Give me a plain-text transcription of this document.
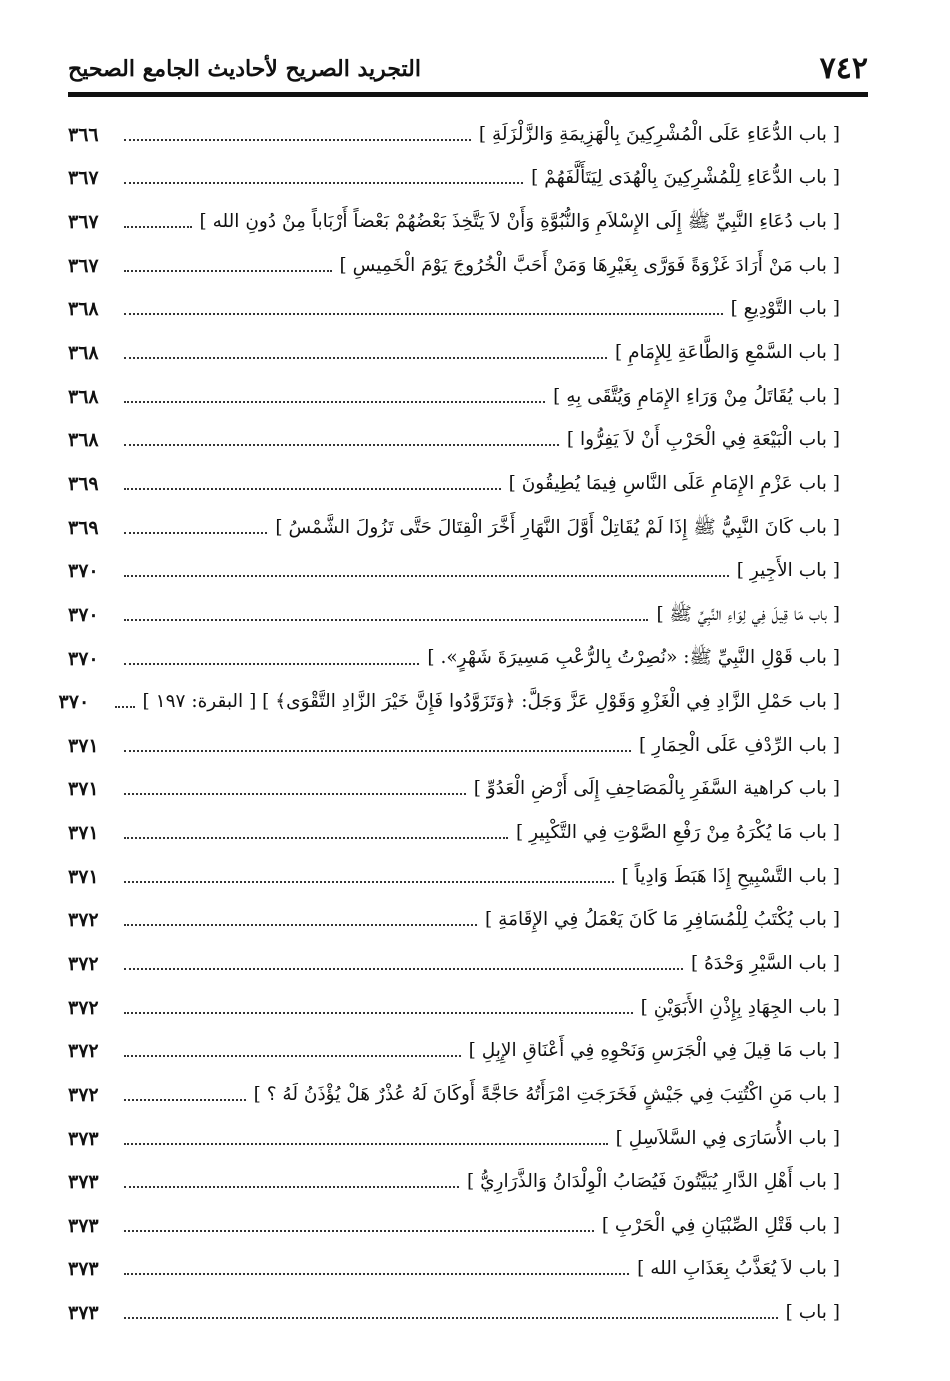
٧٤٢
التجريد الصريح لأحاديث الجامع الصحيح
[ باب الدُّعَاءِ عَلَى الْمُشْرِكِينَ بِالْهَزِيمَةِ وَالزَّلْزَلَةِ ]
٣٦٦
[ باب الدُّعَاءِ لِلْمُشْرِكِينَ بِالْهُدَى لِيَتَأَلَّفَهُمْ ]
٣٦٧
[ باب دُعَاءِ النَّبِيِّ ﷺ إِلَى الإِسْلاَمِ وَالنُّبُوَّةِ وَأَنْ لاَ يَتَّخِذَ بَعْضُهُمْ بَعْضاً أَرْبَاباً مِنْ دُونِ الله ]
٣٦٧
[ باب مَنْ أَرَادَ غَزْوَةً فَوَرَّى بِغَيْرِهَا وَمَنْ أَحَبَّ الْخُرُوجَ يَوْمَ الْخَمِيسِ ]
٣٦٧
[ باب التَّوْدِيعِ ]
٣٦٨
[ باب السَّمْعِ وَالطَّاعَةِ لِلإِمَامِ ]
٣٦٨
[ باب يُقَاتَلُ مِنْ وَرَاءِ الإِمَامِ وَيُتَّقَى بِهِ ]
٣٦٨
[ باب الْبَيْعَةِ فِي الْحَرْبِ أَنْ لاَ يَفِرُّوا ]
٣٦٨
[ باب عَزْمِ الإِمَامِ عَلَى النَّاسِ فِيمَا يُطِيقُونَ ]
٣٦٩
[ باب كَانَ النَّبِيُّ ﷺ إِذَا لَمْ يُقَاتِلْ أَوَّلَ النَّهَارِ أَخَّرَ الْقِتَالَ حَتَّى تَزُولَ الشَّمْسُ ]
٣٦٩
[ باب الأَجِيرِ ]
٣٧٠
[ باب مَا قِيلَ فِي لِوَاءِ النَّبِيِّ ﷺ ]
٣٧٠
[ باب قَوْلِ النَّبِيِّ ﷺ: «نُصِرْتُ بِالرُّعْبِ مَسِيرَةَ شَهْرٍ». ]
٣٧٠
[ باب حَمْلِ الزَّادِ فِي الْغَزْوِ وَقَوْلِ عَزَّ وَجَلَّ: ﴿وَتَزَوَّدُوا فَإِنَّ خَيْرَ الزَّادِ التَّقْوَى﴾ ] [ البقرة: ١٩٧ ]
٣٧٠
[ باب الرِّدْفِ عَلَى الْحِمَارِ ]
٣٧١
[ باب كراهية السَّفَرِ بِالْمَصَاحِفِ إِلَى أَرْضِ الْعَدُوِّ ]
٣٧١
[ باب مَا يُكْرَهُ مِنْ رَفْعِ الصَّوْتِ فِي التَّكْبِيرِ ]
٣٧١
[ باب التَّسْبِيحِ إِذَا هَبَطَ وَادِياً ]
٣٧١
[ باب يُكْتَبُ لِلْمُسَافِرِ مَا كَانَ يَعْمَلُ فِي الإِقَامَةِ ]
٣٧٢
[ باب السَّيْرِ وَحْدَهُ ]
٣٧٢
[ باب الجِهَادِ بِإِذْنِ الأَبَوَيْنِ ]
٣٧٢
[ باب مَا قِيلَ فِي الْجَرَسِ وَنَحْوِهِ فِي أَعْنَاقِ الإِبِلِ ]
٣٧٢
[ باب مَنِ اكْتُتِبَ فِي جَيْشٍ فَخَرَجَتِ امْرَأَتُهُ حَاجَّةً أَوكَانَ لَهُ عُذْرٌ هَلْ يُؤْذَنُ لَهُ ؟ ]
٣٧٢
[ باب الأُسَارَى فِي السَّلاَسِلِ ]
٣٧٣
[ باب أَهْلِ الدَّارِ يُبَيَّتُونَ فَيُصَابُ الْوِلْدَانُ وَالذَّرَارِيُّ ]
٣٧٣
[ باب قَتْلِ الصِّبْيَانِ فِي الْحَرْبِ ]
٣٧٣
[ باب لاَ يُعَذَّبُ بِعَذَابِ الله ]
٣٧٣
[ باب ]
٣٧٣
